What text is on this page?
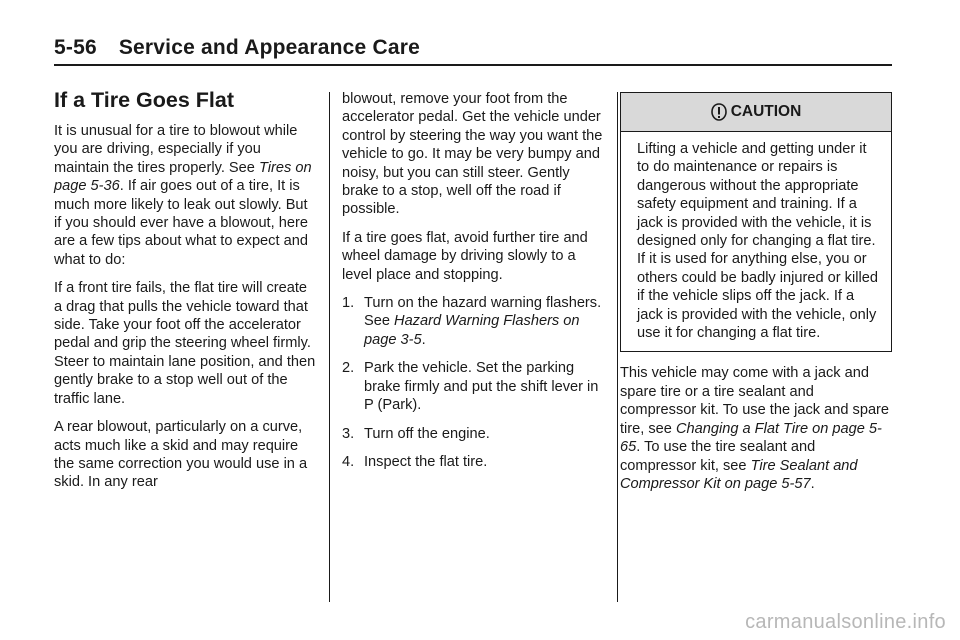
5-56 Service and Appearance Care
If a Tire Goes Flat

It is unusual for a tire to blowout while you are driving, especially if you maintain the tires properly. See Tires on page 5-36. If air goes out of a tire, It is much more likely to leak out slowly. But if you should ever have a blowout, here are a few tips about what to expect and what to do:

If a front tire fails, the flat tire will create a drag that pulls the vehicle toward that side. Take your foot off the accelerator pedal and grip the steering wheel firmly. Steer to maintain lane position, and then gently brake to a stop well out of the traffic lane.

A rear blowout, particularly on a curve, acts much like a skid and may require the same correction you would use in a skid. In any rear

blowout, remove your foot from the accelerator pedal. Get the vehicle under control by steering the way you want the vehicle to go. It may be very bumpy and noisy, but you can still steer. Gently brake to a stop, well off the road if possible.

If a tire goes flat, avoid further tire and wheel damage by driving slowly to a level place and stopping.

1. Turn on the hazard warning flashers. See Hazard Warning Flashers on page 3-5.
2. Park the vehicle. Set the parking brake firmly and put the shift lever in P (Park).
3. Turn off the engine.
4. Inspect the flat tire.
CAUTION
Lifting a vehicle and getting under it to do maintenance or repairs is dangerous without the appropriate safety equipment and training. If a jack is provided with the vehicle, it is designed only for changing a flat tire. If it is used for anything else, you or others could be badly injured or killed if the vehicle slips off the jack. If a jack is provided with the vehicle, only use it for changing a flat tire.

This vehicle may come with a jack and spare tire or a tire sealant and compressor kit. To use the jack and spare tire, see Changing a Flat Tire on page 5-65. To use the tire sealant and compressor kit, see Tire Sealant and Compressor Kit on page 5-57.

carmanualsonline.info
